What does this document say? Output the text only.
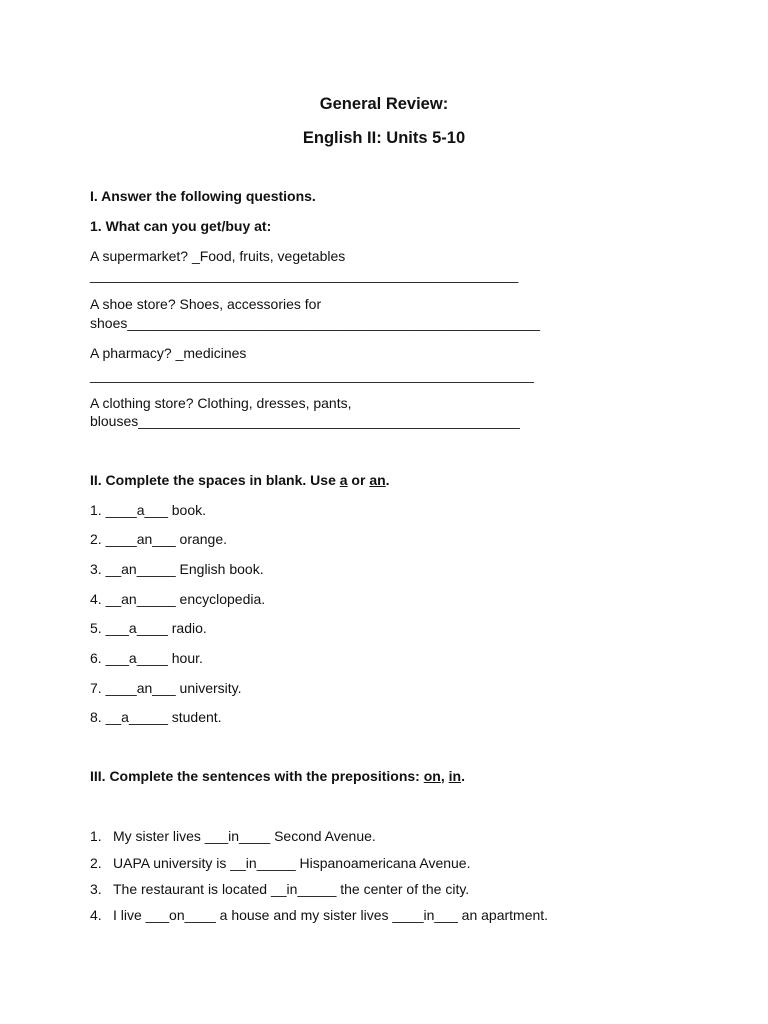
General Review:
English II: Units 5-10
I. Answer the following questions.
1. What can you get/buy at:
A supermarket? _Food, fruits, vegetables
_______________________________________________________
A shoe store? Shoes, accessories for
shoes_____________________________________________________
A pharmacy? _medicines
_________________________________________________________
A clothing store? Clothing, dresses, pants,
blouses_________________________________________________
II. Complete the spaces in blank. Use a or an.
1. ____a___ book.
2. ____an___ orange.
3. __an_____ English book.
4. __an_____ encyclopedia.
5. ___a____ radio.
6. ___a____ hour.
7. ____an___ university.
8. __a_____ student.
III. Complete the sentences with the prepositions: on, in.
1. My sister lives ___in____ Second Avenue.
2. UAPA university is __in_____ Hispanoamericana Avenue.
3. The restaurant is located __in_____ the center of the city.
4. I live ___on____ a house and my sister lives ____in___ an apartment.
